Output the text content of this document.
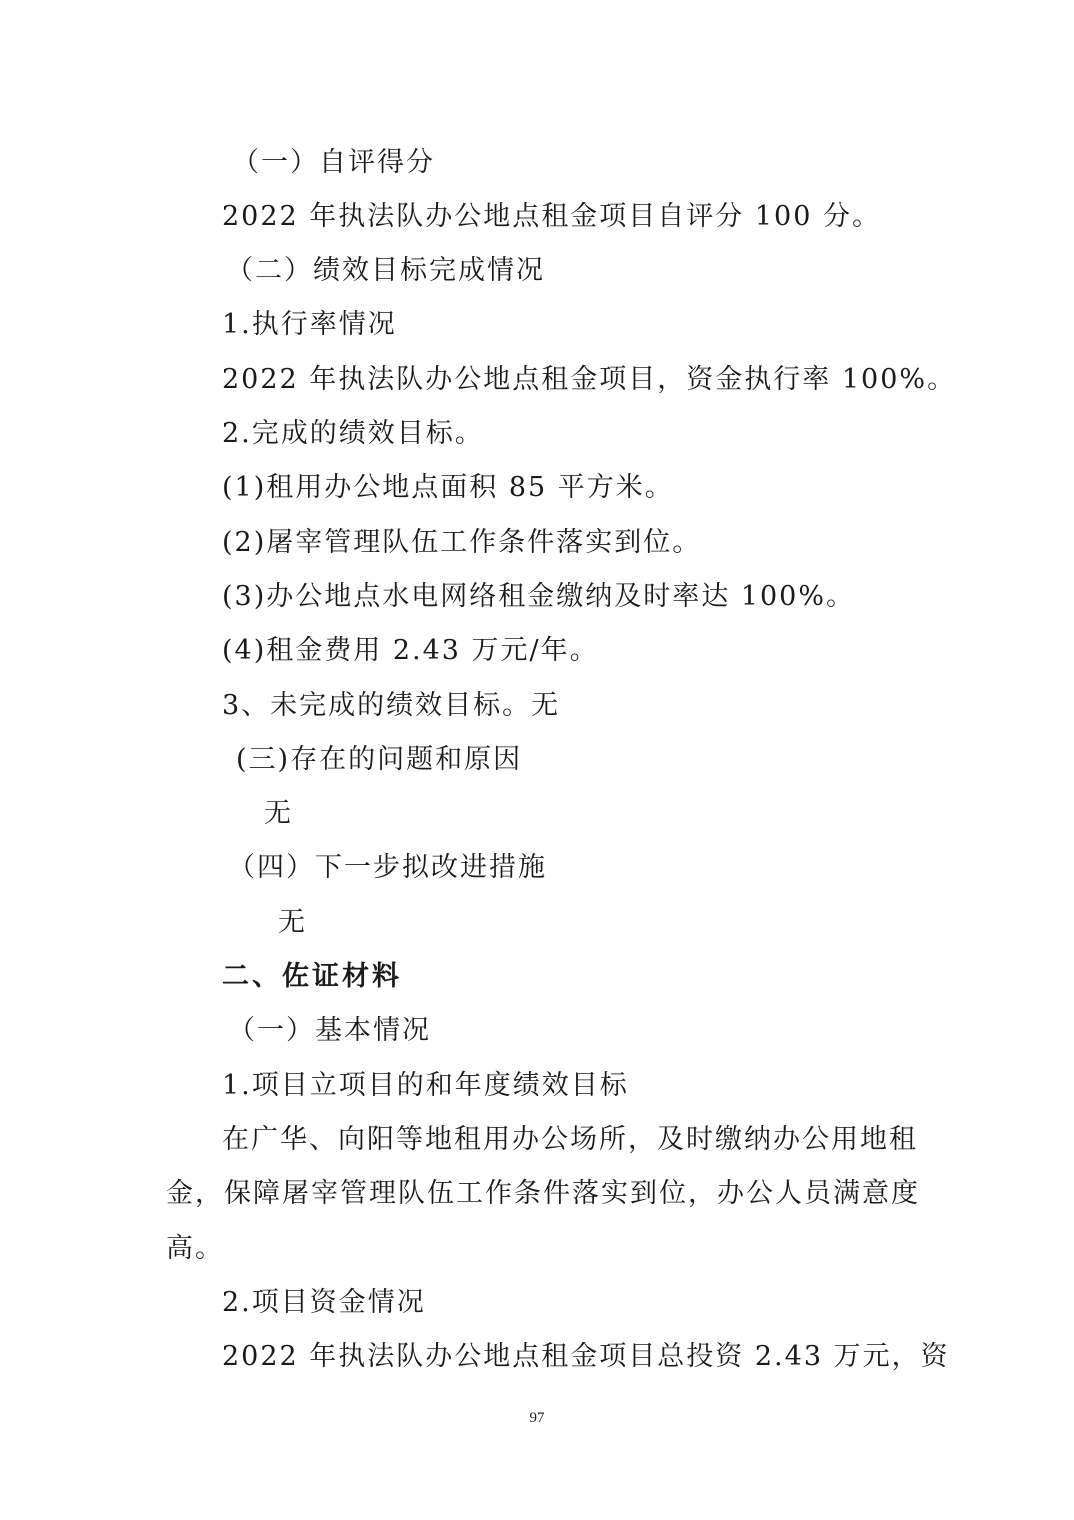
（一）自评得分
2022 年执法队办公地点租金项目自评分 100 分。
（二）绩效目标完成情况
1.执行率情况
2022 年执法队办公地点租金项目，资金执行率 100%。
2.完成的绩效目标。
(1)租用办公地点面积 85 平方米。
(2)屠宰管理队伍工作条件落实到位。
(3)办公地点水电网络租金缴纳及时率达 100%。
(4)租金费用 2.43 万元/年。
3、未完成的绩效目标。无
(三)存在的问题和原因
无
（四）下一步拟改进措施
无
二、佐证材料
（一）基本情况
1.项目立项目的和年度绩效目标
在广华、向阳等地租用办公场所，及时缴纳办公用地租
金，保障屠宰管理队伍工作条件落实到位，办公人员满意度
高。
2.项目资金情况
2022 年执法队办公地点租金项目总投资 2.43 万元，资
97
